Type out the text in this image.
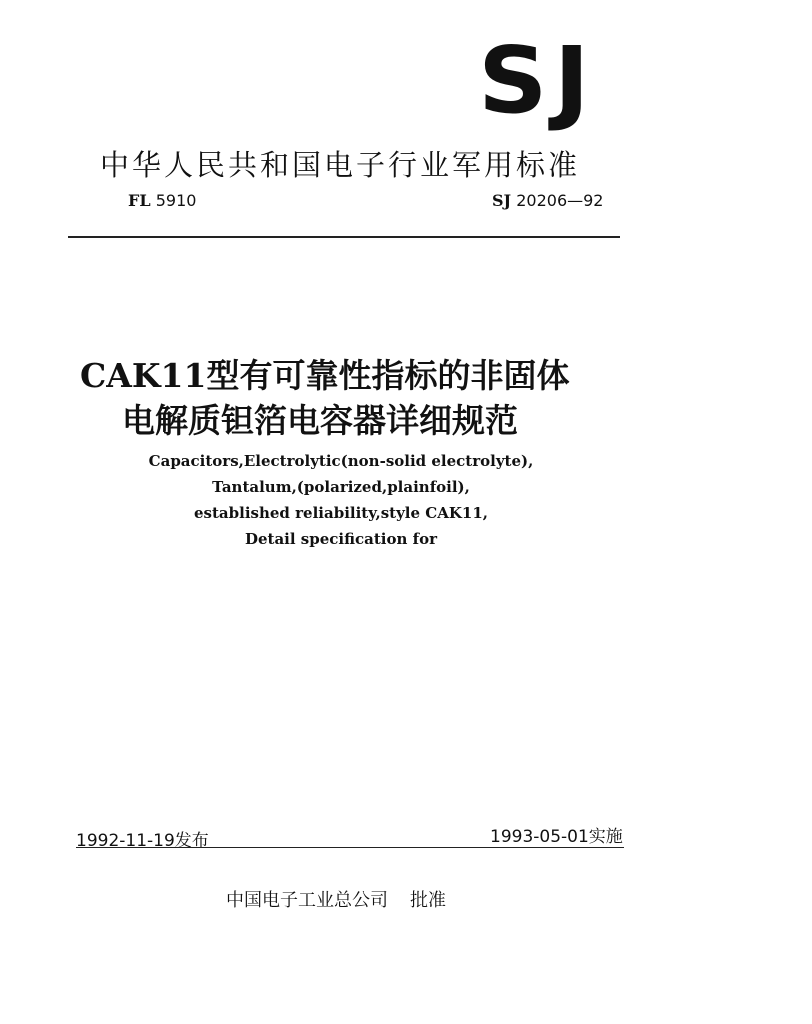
SJ
中华人民共和国电子行业军用标准
FL 5910	SJ 20206—92
CAK11型有可靠性指标的非固体
电解质钽箔电容器详细规范
Capacitors,Electrolytic(non-solid electrolyte),
Tantalum,(polarized,plainfoil),
established reliability,style CAK11,
Detail specification for
1992-11-19发布	1993-05-01实施
中国电子工业总公司 批准
